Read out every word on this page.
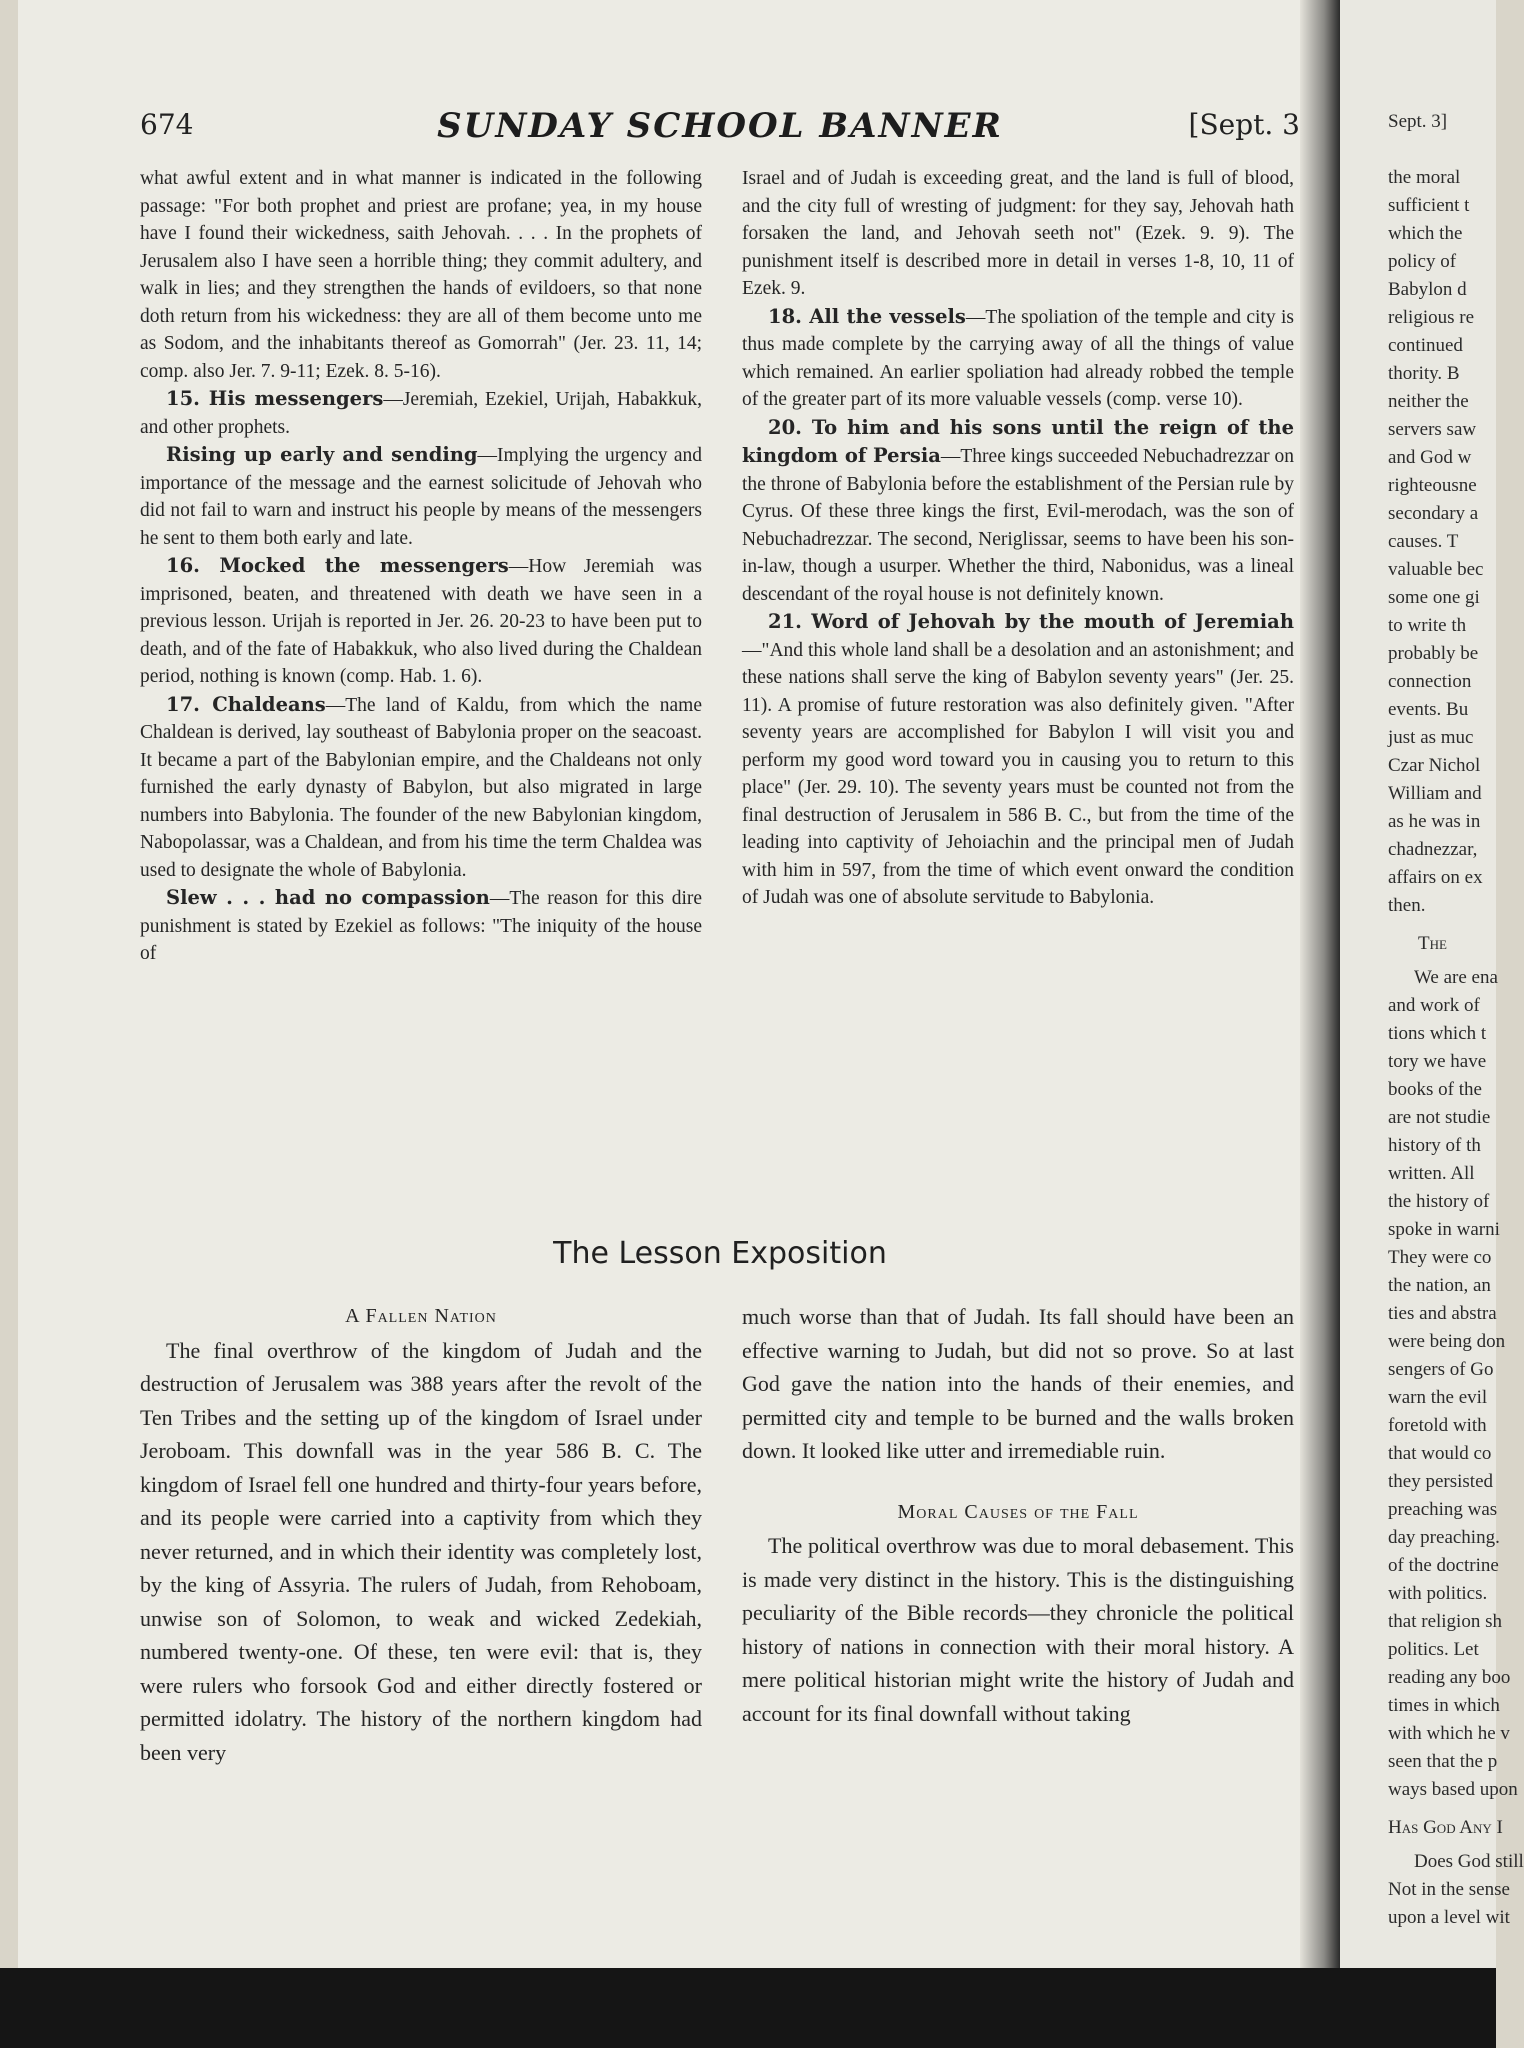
674	SUNDAY SCHOOL BANNER	[Sept. 3

what awful extent and in what manner is indicated in the following passage: "For both prophet and priest are profane; yea, in my house have I found their wickedness, saith Jehovah. . . . In the prophets of Jerusalem also I have seen a horrible thing; they commit adultery, and walk in lies; and they strengthen the hands of evildoers, so that none doth return from his wickedness: they are all of them become unto me as Sodom, and the inhabitants thereof as Gomorrah" (Jer. 23. 11, 14; comp. also Jer. 7. 9-11; Ezek. 8. 5-16).

15. His messengers—Jeremiah, Ezekiel, Urijah, Habakkuk, and other prophets.

Rising up early and sending—Implying the urgency and importance of the message and the earnest solicitude of Jehovah who did not fail to warn and instruct his people by means of the messengers he sent to them both early and late.

16. Mocked the messengers—How Jeremiah was imprisoned, beaten, and threatened with death we have seen in a previous lesson. Urijah is reported in Jer. 26. 20-23 to have been put to death, and of the fate of Habakkuk, who also lived during the Chaldean period, nothing is known (comp. Hab. 1. 6).

17. Chaldeans—The land of Kaldu, from which the name Chaldean is derived, lay southeast of Babylonia proper on the seacoast. It became a part of the Babylonian empire, and the Chaldeans not only furnished the early dynasty of Babylon, but also migrated in large numbers into Babylonia. The founder of the new Babylonian kingdom, Nabopolassar, was a Chaldean, and from his time the term Chaldea was used to designate the whole of Babylonia.

Slew . . . had no compassion—The reason for this dire punishment is stated by Ezekiel as follows: "The iniquity of the house of

Israel and of Judah is exceeding great, and the land is full of blood, and the city full of wresting of judgment: for they say, Jehovah hath forsaken the land, and Jehovah seeth not" (Ezek. 9. 9). The punishment itself is described more in detail in verses 1-8, 10, 11 of Ezek. 9.

18. All the vessels—The spoliation of the temple and city is thus made complete by the carrying away of all the things of value which remained. An earlier spoliation had already robbed the temple of the greater part of its more valuable vessels (comp. verse 10).

20. To him and his sons until the reign of the kingdom of Persia—Three kings succeeded Nebuchadrezzar on the throne of Babylonia before the establishment of the Persian rule by Cyrus. Of these three kings the first, Evil-merodach, was the son of Nebuchadrezzar. The second, Neriglissar, seems to have been his son-in-law, though a usurper. Whether the third, Nabonidus, was a lineal descendant of the royal house is not definitely known.

21. Word of Jehovah by the mouth of Jeremiah—"And this whole land shall be a desolation and an astonishment; and these nations shall serve the king of Babylon seventy years" (Jer. 25. 11). A promise of future restoration was also definitely given. "After seventy years are accomplished for Babylon I will visit you and perform my good word toward you in causing you to return to this place" (Jer. 29. 10). The seventy years must be counted not from the final destruction of Jerusalem in 586 B. C., but from the time of the leading into captivity of Jehoiachin and the principal men of Judah with him in 597, from the time of which event onward the condition of Judah was one of absolute servitude to Babylonia.

The Lesson Exposition

A Fallen Nation

The final overthrow of the kingdom of Judah and the destruction of Jerusalem was 388 years after the revolt of the Ten Tribes and the setting up of the kingdom of Israel under Jeroboam. This downfall was in the year 586 B. C. The kingdom of Israel fell one hundred and thirty-four years before, and its people were carried into a captivity from which they never returned, and in which their identity was completely lost, by the king of Assyria. The rulers of Judah, from Rehoboam, unwise son of Solomon, to weak and wicked Zedekiah, numbered twenty-one. Of these, ten were evil: that is, they were rulers who forsook God and either directly fostered or permitted idolatry. The history of the northern kingdom had been very

much worse than that of Judah. Its fall should have been an effective warning to Judah, but did not so prove. So at last God gave the nation into the hands of their enemies, and permitted city and temple to be burned and the walls broken down. It looked like utter and irremediable ruin.

Moral Causes of the Fall

The political overthrow was due to moral debasement. This is made very distinct in the history. This is the distinguishing peculiarity of the Bible records—they chronicle the political history of nations in connection with their moral history. A mere political historian might write the history of Judah and account for its final downfall without taking

Sept. 3]

the moral
sufficient t
which the
policy of
Babylon d
religious re
continued
thority. B
neither the
servers saw
and God w
righteousne
secondary a
causes. T
valuable bec
some one gi
to write th
probably be
connection
events. Bu
just as muc
Czar Nichol
William and
as he was in
chadnezzar,
affairs on ex
then.
The
We are ena
and work of
tions which t
tory we have
books of the
are not studie
history of th
written. All
the history of
spoke in warni
They were co
the nation, an
ties and abstra
were being don
sengers of Go
warn the evil
foretold with
that would co
they persisted
preaching was
day preaching.
of the doctrine
with politics.
that religion sh
politics. Let
reading any boo
times in which
with which he v
seen that the p
ways based upon
Has God Any I
Does God still
Not in the sense
upon a level wit
